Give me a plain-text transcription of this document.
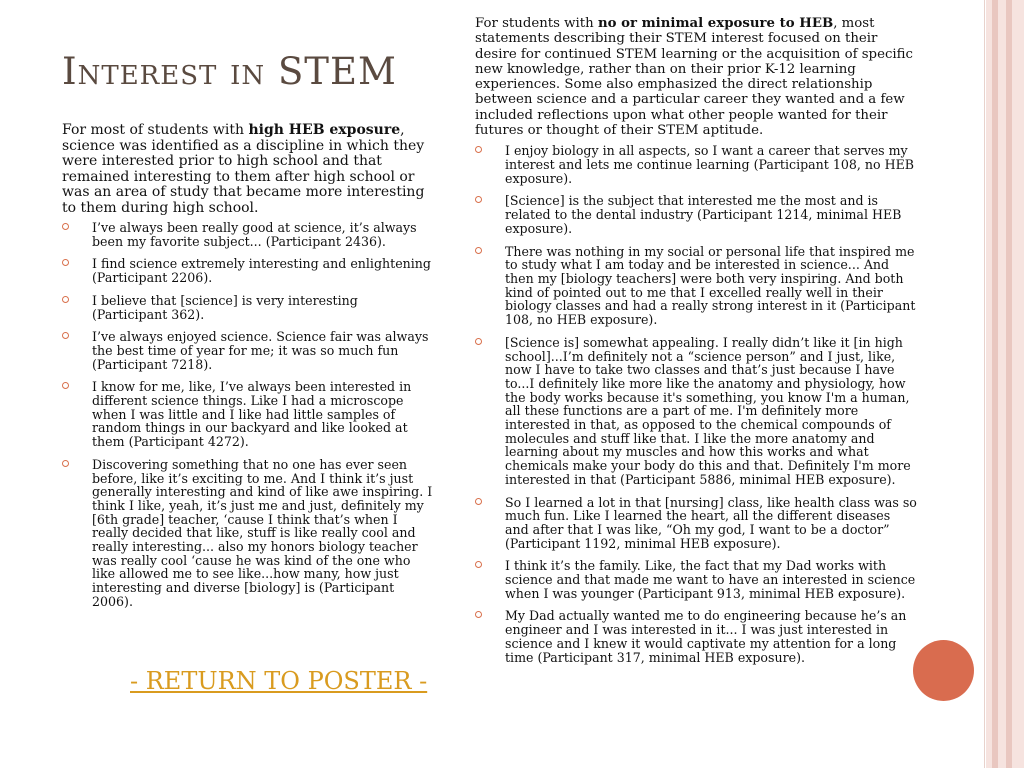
Interest in STEM

For most of students with high HEB exposure, science was identified as a discipline in which they were interested prior to high school and that remained interesting to them after high school or was an area of study that became more interesting to them during high school.

I’ve always been really good at science, it’s always been my favorite subject... (Participant 2436).
I find science extremely interesting and enlightening (Participant 2206).
I believe that [science] is very interesting (Participant 362).
I’ve always enjoyed science. Science fair was always the best time of year for me; it was so much fun (Participant 7218).
I know for me, like, I’ve always been interested in different science things. Like I had a microscope when I was little and I like had little samples of random things in our backyard and like looked at them (Participant 4272).
Discovering something that no one has ever seen before, like it’s exciting to me. And I think it’s just generally interesting and kind of like awe inspiring. I think I like, yeah, it’s just me and just, definitely my [6th grade] teacher, ‘cause I think that’s when I really decided that like, stuff is like really cool and really interesting... also my honors biology teacher was really cool ‘cause he was kind of the one who like allowed me to see like...how many, how just interesting and diverse [biology] is (Participant 2006).

For students with no or minimal exposure to HEB, most statements describing their STEM interest focused on their desire for continued STEM learning or the acquisition of specific new knowledge, rather than on their prior K-12 learning experiences. Some also emphasized the direct relationship between science and a particular career they wanted and a few included reflections upon what other people wanted for their futures or thought of their STEM aptitude.

I enjoy biology in all aspects, so I want a career that serves my interest and lets me continue learning (Participant 108, no HEB exposure).
[Science] is the subject that interested me the most and is related to the dental industry (Participant 1214, minimal HEB exposure).
There was nothing in my social or personal life that inspired me to study what I am today and be interested in science... And then my [biology teachers] were both very inspiring. And both kind of pointed out to me that I excelled really well in their biology classes and had a really strong interest in it (Participant 108, no HEB exposure).
[Science is] somewhat appealing. I really didn’t like it [in high school]...I’m definitely not a “science person” and I just, like, now I have to take two classes and that’s just because I have to...I definitely like more like the anatomy and physiology, how the body works because it's something, you know I'm a human, all these functions are a part of me. I'm definitely more interested in that, as opposed to the chemical compounds of molecules and stuff like that. I like the more anatomy and learning about my muscles and how this works and what chemicals make your body do this and that. Definitely I'm more interested in that (Participant 5886, minimal HEB exposure).
So I learned a lot in that [nursing] class, like health class was so much fun. Like I learned the heart, all the different diseases and after that I was like, “Oh my god, I want to be a doctor” (Participant 1192, minimal HEB exposure).
I think it’s the family. Like, the fact that my Dad works with science and that made me want to have an interested in science when I was younger (Participant 913, minimal HEB exposure).
My Dad actually wanted me to do engineering because he’s an engineer and I was interested in it... I was just interested in science and I knew it would captivate my attention for a long time (Participant 317, minimal HEB exposure).
- RETURN TO POSTER -
